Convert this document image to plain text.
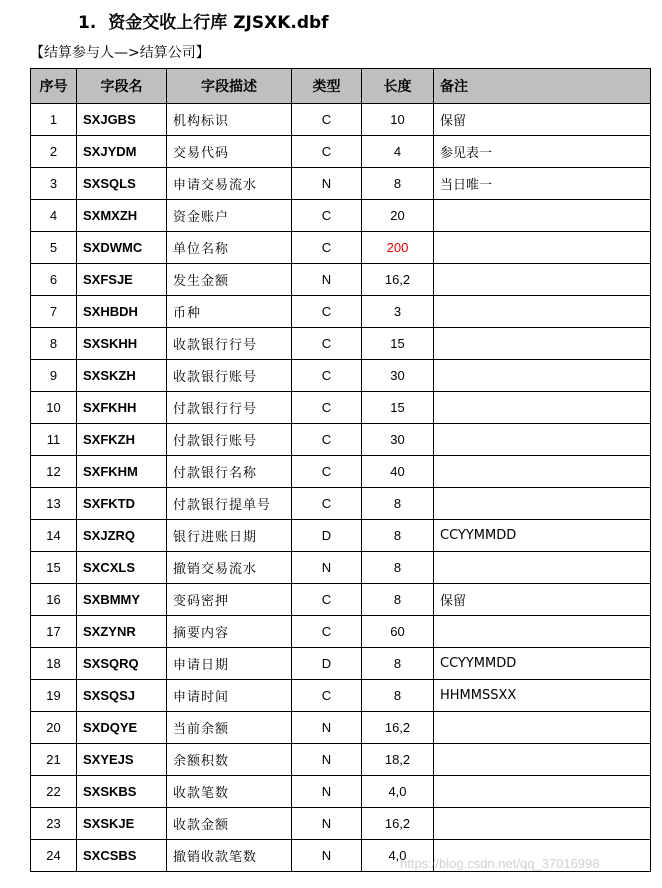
1. 资金交收上行库 ZJSXK.dbf
【结算参与人—>结算公司】
序号	字段名	字段描述	类型	长度	备注
1	SXJGBS	机构标识	C	10	保留
2	SXJYDM	交易代码	C	4	参见表一
3	SXSQLS	申请交易流水	N	8	当日唯一
4	SXMXZH	资金账户	C	20	
5	SXDWMC	单位名称	C	200	
6	SXFSJE	发生金额	N	16,2	
7	SXHBDH	币种	C	3	
8	SXSKHH	收款银行行号	C	15	
9	SXSKZH	收款银行账号	C	30	
10	SXFKHH	付款银行行号	C	15	
11	SXFKZH	付款银行账号	C	30	
12	SXFKHM	付款银行名称	C	40	
13	SXFKTD	付款银行提单号	C	8	
14	SXJZRQ	银行进账日期	D	8	CCYYMMDD
15	SXCXLS	撤销交易流水	N	8	
16	SXBMMY	变码密押	C	8	保留
17	SXZYNR	摘要内容	C	60	
18	SXSQRQ	申请日期	D	8	CCYYMMDD
19	SXSQSJ	申请时间	C	8	HHMMSSXX
20	SXDQYE	当前余额	N	16,2	
21	SXYEJS	余额积数	N	18,2	
22	SXSKBS	收款笔数	N	4,0	
23	SXSKJE	收款金额	N	16,2	
24	SXCSBS	撤销收款笔数	N	4,0	
https://blog.csdn.net/qq_37016998
